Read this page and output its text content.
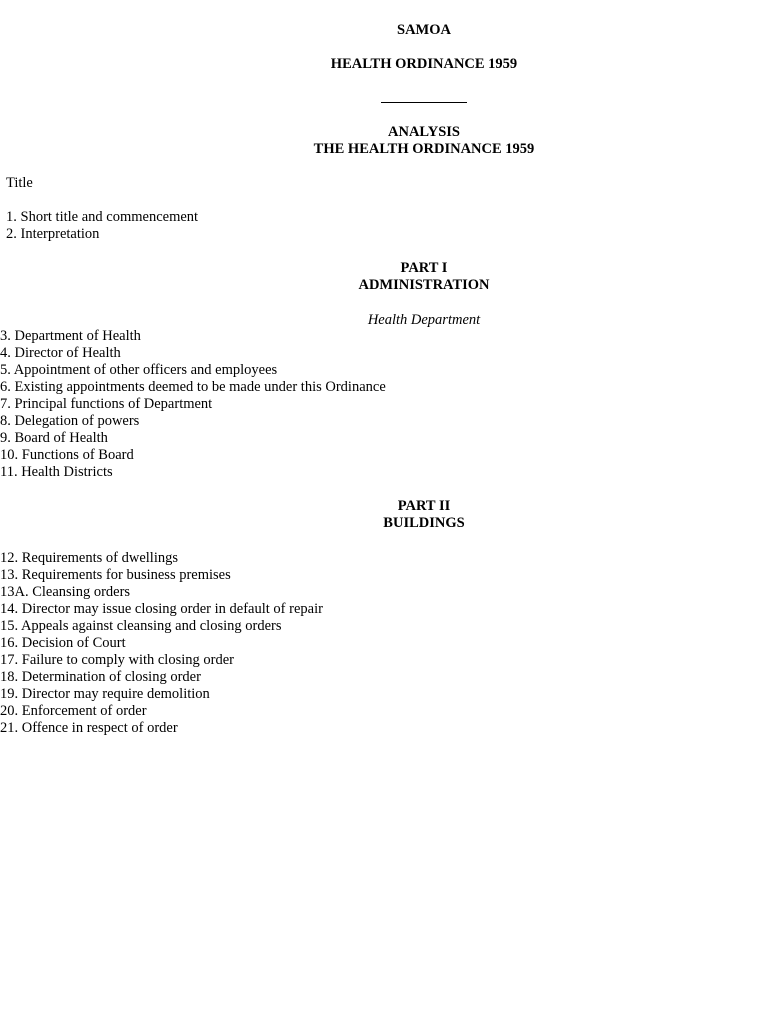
SAMOA
HEALTH ORDINANCE 1959
ANALYSIS
THE HEALTH ORDINANCE 1959
Title
1. Short title and commencement
2. Interpretation
PART I
ADMINISTRATION
Health Department
3. Department of Health
4. Director of Health
5. Appointment of other officers and employees
6. Existing appointments deemed to be made under this Ordinance
7. Principal functions of Department
8. Delegation of powers
9. Board of Health
10. Functions of Board
11. Health Districts
PART II
BUILDINGS
12. Requirements of dwellings
13. Requirements for business premises
13A. Cleansing orders
14. Director may issue closing order in default of repair
15. Appeals against cleansing and closing orders
16. Decision of Court
17. Failure to comply with closing order
18. Determination of closing order
19. Director may require demolition
20. Enforcement of order
21. Offence in respect of order
